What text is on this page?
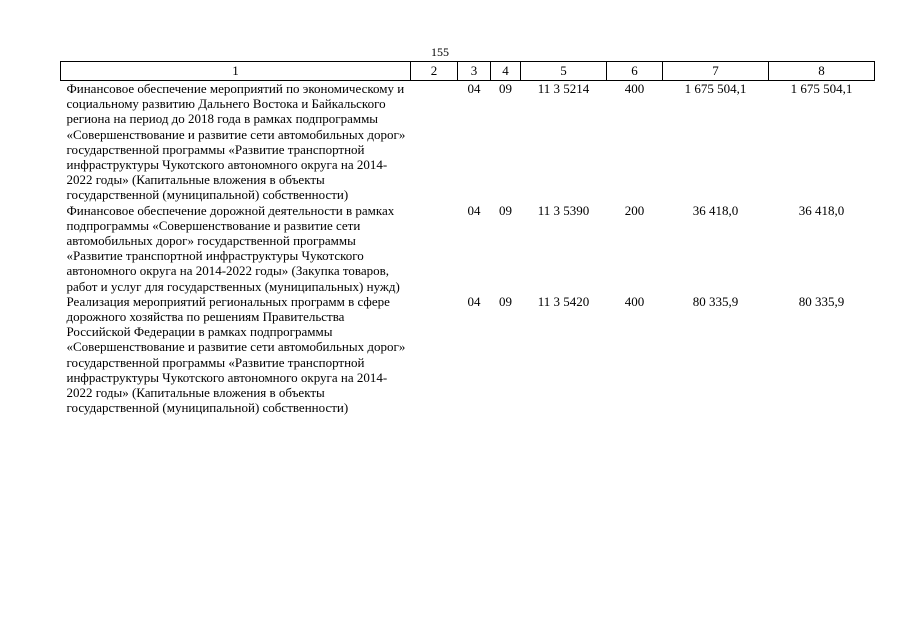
155
1	2	3	4	5	6	7	8
Финансовое обеспечение мероприятий по экономическому и социальному развитию Дальнего Востока и Байкальского региона на период до 2018 года в рамках подпрограммы «Совершенствование и развитие сети автомобильных дорог» государственной программы «Развитие транспортной инфраструктуры Чукотского автономного округа на 2014-2022 годы» (Капитальные вложения в объекты государственной (муниципальной) собственности)		04	09	11 3 5214	400	1 675 504,1	1 675 504,1
Финансовое обеспечение дорожной деятельности в рамках подпрограммы «Совершенствование и развитие сети автомобильных дорог» государственной программы «Развитие транспортной инфраструктуры Чукотского автономного округа на 2014-2022 годы» (Закупка товаров, работ и услуг для государственных (муниципальных) нужд)		04	09	11 3 5390	200	36 418,0	36 418,0
Реализация мероприятий региональных программ в сфере дорожного хозяйства по решениям Правительства Российской Федерации в рамках подпрограммы «Совершенствование и развитие сети автомобильных дорог» государственной программы «Развитие транспортной инфраструктуры Чукотского автономного округа на 2014-2022 годы» (Капитальные вложения в объекты государственной (муниципальной) собственности)		04	09	11 3 5420	400	80 335,9	80 335,9
